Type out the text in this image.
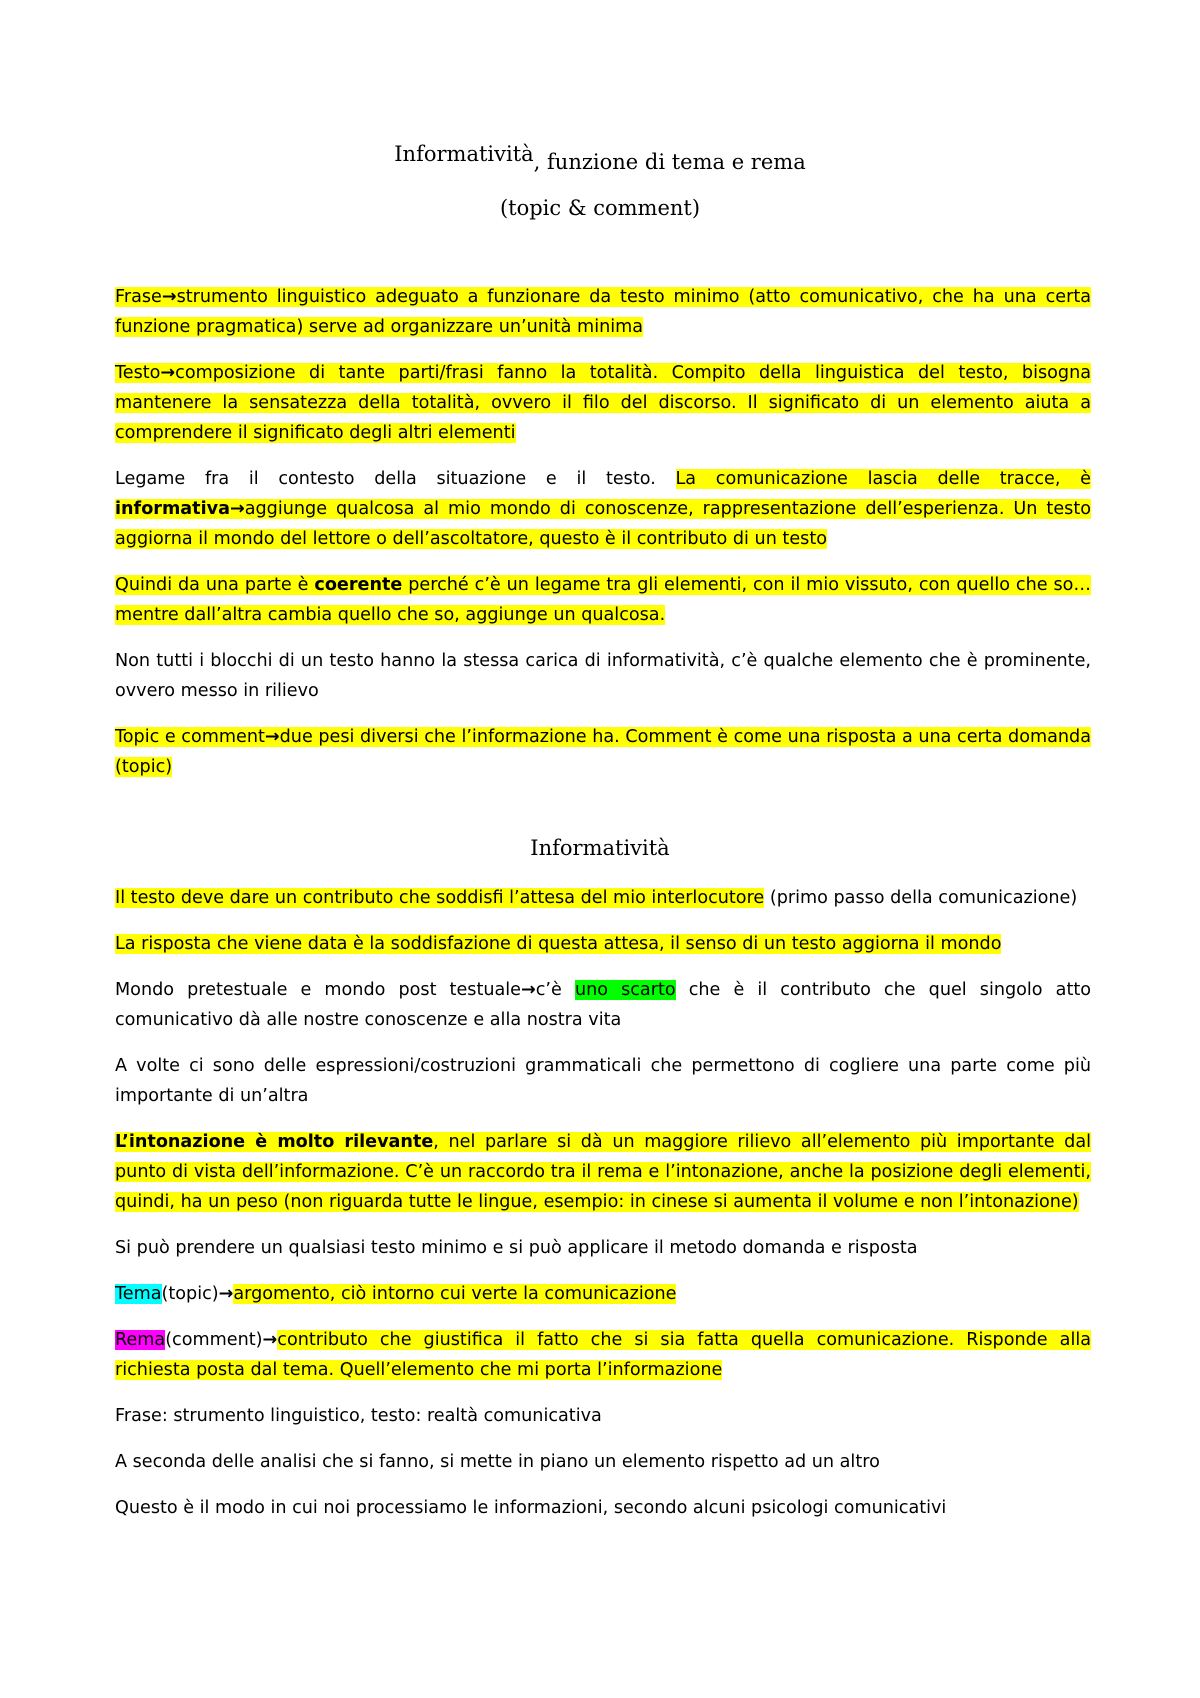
Informatività, funzione di tema e rema
(topic & comment)

Frase→strumento linguistico adeguato a funzionare da testo minimo (atto comunicativo, che ha una certa funzione pragmatica) serve ad organizzare un’unità minima

Testo→composizione di tante parti/frasi fanno la totalità. Compito della linguistica del testo, bisogna mantenere la sensatezza della totalità, ovvero il filo del discorso. Il significato di un elemento aiuta a comprendere il significato degli altri elementi

Legame fra il contesto della situazione e il testo. La comunicazione lascia delle tracce, è informativa→aggiunge qualcosa al mio mondo di conoscenze, rappresentazione dell’esperienza. Un testo aggiorna il mondo del lettore o dell’ascoltatore, questo è il contributo di un testo

Quindi da una parte è coerente perché c’è un legame tra gli elementi, con il mio vissuto, con quello che so… mentre dall’altra cambia quello che so, aggiunge un qualcosa.

Non tutti i blocchi di un testo hanno la stessa carica di informatività, c’è qualche elemento che è prominente, ovvero messo in rilievo

Topic e comment→due pesi diversi che l’informazione ha. Comment è come una risposta a una certa domanda (topic)

Informatività

Il testo deve dare un contributo che soddisfi l’attesa del mio interlocutore (primo passo della comunicazione)

La risposta che viene data è la soddisfazione di questa attesa, il senso di un testo aggiorna il mondo

Mondo pretestuale e mondo post testuale→c’è uno scarto che è il contributo che quel singolo atto comunicativo dà alle nostre conoscenze e alla nostra vita

A volte ci sono delle espressioni/costruzioni grammaticali che permettono di cogliere una parte come più importante di un’altra

L’intonazione è molto rilevante, nel parlare si dà un maggiore rilievo all’elemento più importante dal punto di vista dell’informazione. C’è un raccordo tra il rema e l’intonazione, anche la posizione degli elementi, quindi, ha un peso (non riguarda tutte le lingue, esempio: in cinese si aumenta il volume e non l’intonazione)

Si può prendere un qualsiasi testo minimo e si può applicare il metodo domanda e risposta

Tema(topic)→argomento, ciò intorno cui verte la comunicazione

Rema(comment)→contributo che giustifica il fatto che si sia fatta quella comunicazione. Risponde alla richiesta posta dal tema. Quell’elemento che mi porta l’informazione

Frase: strumento linguistico, testo: realtà comunicativa

A seconda delle analisi che si fanno, si mette in piano un elemento rispetto ad un altro

Questo è il modo in cui noi processiamo le informazioni, secondo alcuni psicologi comunicativi
